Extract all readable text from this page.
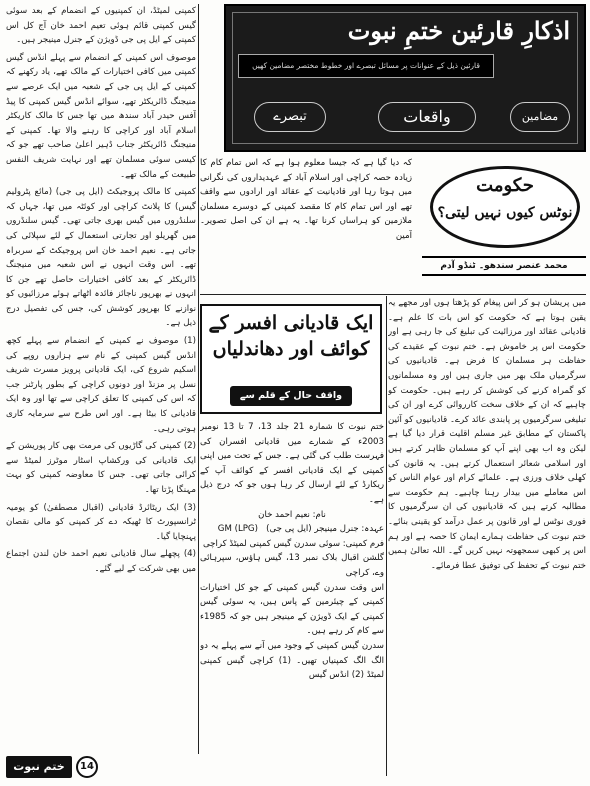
کمپنی لمیٹڈ، ان کمپنیوں کے انضمام کے بعد سوئی گیس کمپنی قائم ہوئی تعیم احمد خان آج کل اس کمپنی کے ایل پی جی ڈویژن کے جنرل مینیجر ہیں۔

موصوف اس کمپنی کے انضمام سے پہلے انڈس گیس کمپنی میں کافی اختیارات کے مالک تھے، یاد رکھنے کہ کمپنی کے ایل پی جی کے شعبہ میں ایک عرصے سے منیجنگ ڈائریکٹر تھے، سوائے انڈس گیس کمپنی کا پیڈ آفس حیدر آباد سندھ میں تھا جس کا مالک کاریکٹر اسلام آباد اور کراچی کا رہنے والا تھا۔ کمپنی کے منیجنگ ڈائریکٹر جناب ڈہیر اعلیٰ صاحب تھے جو کہ کیسی سوئی مسلمان تھے اور نہایت شریف النفس طبیعت کے مالک تھے۔

کمپنی کا مالک پروجیکٹ (ایل پی جی) (مائع پٹرولیم گیس) کا پلانٹ کراچی اور کوئٹہ میں تھا، جہاں کہ سلنڈروں میں گیس بھری جاتی تھی۔ گیس سلنڈروں میں گھریلو اور تجارتی استعمال کے لئے سپلائی کی جاتی ہے۔ نعیم احمد خان اس پروجیکٹ کے سربراہ تھے۔ اس وقت انہوں نے اس شعبہ میں منیجنگ ڈائریکٹر کے بعد کافی اختیارات حاصل تھے جن کا انہوں نے بھرپور ناجائز فائدہ اٹھاتے ہوئے مرزائیوں کو نوازنے کا بھرپور کوشش کی، جس کی تفصیل درج ذیل ہے۔

(1) موصوف نے کمپنی کے انضمام سے پہلے کچھ انڈس گیس کمپنی کے نام سے ہزاروں روپے کی اسکیم شروع کی، ایک قادیانی پرویز مسرت شریف نسل پر مزنڈ اور دونوں کراچی کے بطور پارٹنر جب کہ اس کی کمپنی کا تعلق کراچی سے تھا اور وہ ایک قادیانی کا بیٹا ہے۔ اور اس طرح سے سرمایہ کاری ہوتی رہی۔

(2) کمپنی کی گاڑیوں کی مرمت بھی کار پوریشن کے ایک قادیانی کی ورکشاپ اسٹار موٹرز لمیٹڈ سے کرائی جاتی تھی۔ جس کا معاوضہ کمپنی کو بہت مہنگا پڑتا تھا۔

(3) ایک ریٹائرڈ قادیانی (اقبال مصطفیٰ) کو یومیہ ٹرانسپورٹ کا ٹھیکہ دے کر کمپنی کو مالی نقصان پہنچایا گیا۔

(4) پچھلے سال قادیانی نعیم احمد خان لندن اجتماع میں بھی شرکت کے لیے گئے۔

اذکارِ قارئین ختمِ نبوت
قارئین ذیل کے عنوانات پر مسائل تبصرے اور خطوط مختصر مضامین کھیں
مضامین
واقعات
تبصرے

کہ دیا گیا ہے کہ جیسا معلوم ہوا ہے کہ اس تمام کام کا زیادہ حصہ کراچی اور اسلام آباد کے عہدیداروں کی نگرانی میں ہوتا رہا اور قادیانیت کے عقائد اور ارادوں سے واقف تھے اور اس تمام کام کا مقصد کمپنی کے دوسرے مسلمان ملازمین کو ہراساں کرنا تھا۔ یہ ہے ان کی اصل تصویر۔ آمین

حکومت
نوٹس کیوں نہیں لیتی؟
محمد عنصر سندھو۔ ٹنڈو آدم
ایک قادیانی افسر کے
کوائف اور دھاندلیاں
واقف حال کے قلم سے

ختم نبوت کا شمارہ 21 جلد 13، 7 تا 13 نومبر 2003ء کے شمارے میں قادیانی افسران کی فہرست طلب کی گئی ہے۔ جس کے تحت میں اپنی کمپنی کے ایک قادیانی افسر کے کوائف آپ کے ریکارڈ کے لئے ارسال کر رہا ہوں جو کہ درج ذیل ہے۔

نام: نعیم احمد خان

عہدہ: جنرل مینیجر (ایل پی جی)   GM (LPG)

فرم کمپنی: سوئی سدرن گیس کمپنی لمیٹڈ کراچی

گلشن اقبال بلاک نمبر 13، گیس ہاؤس، سپرہائی وے، کراچی

اس وقت سدرن گیس کمپنی کے جو کل اختیارات کمپنی کے چیئرمین کے پاس ہیں، یہ سوئی گیس کمپنی کے ایک ڈویژن کے مینیجر ہیں جو کہ 1985ء سے کام کر رہے ہیں۔

سدرن گیس کمپنی کے وجود میں آنے سے پہلے یہ دو الگ الگ کمپنیاں تھیں۔ (1) کراچی گیس کمپنی لمیٹڈ (2) انڈس گیس

میں پریشان ہو کر اس پیغام کو پڑھتا ہوں اور مجھے یہ یقین ہوتا ہے کہ حکومت کو اس بات کا علم ہے۔ قادیانی عقائد اور مرزائیت کی تبلیغ کی جا رہی ہے اور حکومت اس پر خاموش ہے۔ ختم نبوت کے عقیدے کی حفاظت ہر مسلمان کا فرض ہے۔ قادیانیوں کی سرگرمیاں ملک بھر میں جاری ہیں اور وہ مسلمانوں کو گمراہ کرنے کی کوشش کر رہے ہیں۔ حکومت کو چاہیے کہ ان کے خلاف سخت کارروائی کرے اور ان کی تبلیغی سرگرمیوں پر پابندی عائد کرے۔ قادیانیوں کو آئین پاکستان کے مطابق غیر مسلم اقلیت قرار دیا گیا ہے لیکن وہ اب بھی اپنے آپ کو مسلمان ظاہر کرتے ہیں اور اسلامی شعائر استعمال کرتے ہیں۔ یہ قانون کی کھلی خلاف ورزی ہے۔ علمائے کرام اور عوام الناس کو اس معاملے میں بیدار رہنا چاہیے۔ ہم حکومت سے مطالبہ کرتے ہیں کہ قادیانیوں کی ان سرگرمیوں کا فوری نوٹس لے اور قانون پر عمل درآمد کو یقینی بنائے۔ ختم نبوت کی حفاظت ہمارے ایمان کا حصہ ہے اور ہم اس پر کبھی سمجھوتہ نہیں کریں گے۔ اللہ تعالیٰ ہمیں ختم نبوت کے تحفظ کی توفیق عطا فرمائے۔

ختم نبوت	14
